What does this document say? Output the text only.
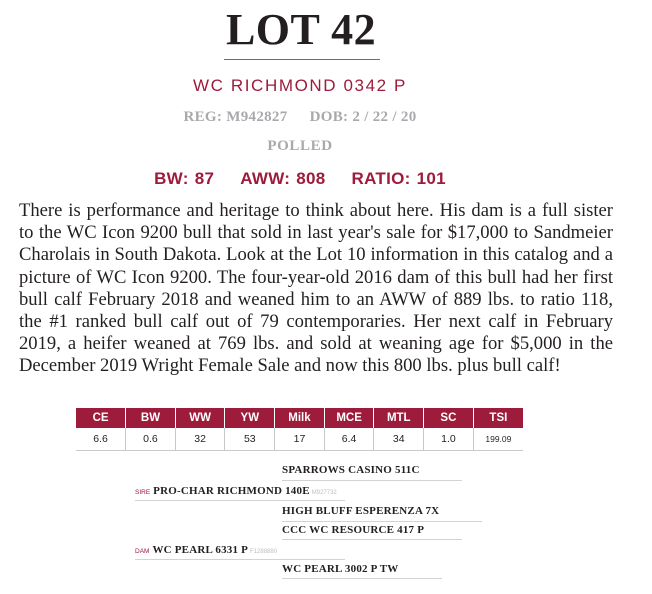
LOT 42
WC RICHMOND 0342 P
REG: M942827 DOB: 2 / 22 / 20
POLLED
BW: 87 AWW: 808 RATIO: 101
There is performance and heritage to think about here. His dam is a full sister to the WC Icon 9200 bull that sold in last year's sale for $17,000 to Sandmeier Charolais in South Dakota. Look at the Lot 10 information in this catalog and a picture of WC Icon 9200. The four-year-old 2016 dam of this bull had her first bull calf February 2018 and weaned him to an AWW of 889 lbs. to ratio 118, the #1 ranked bull calf out of 79 contemporaries. Her next calf in February 2019, a heifer weaned at 769 lbs. and sold at weaning age for $5,000 in the December 2019 Wright Female Sale and now this 800 lbs. plus bull calf!
CE	BW	WW	YW	Milk	MCE	MTL	SC	TSI
6.6	0.6	32	53	17	6.4	34	1.0	199.09
SPARROWS CASINO 511C
SIRE PRO-CHAR RICHMOND 140E M927732
HIGH BLUFF ESPERENZA 7X
CCC WC RESOURCE 417 P
DAM WC PEARL 6331 P F1288880
WC PEARL 3002 P TW
